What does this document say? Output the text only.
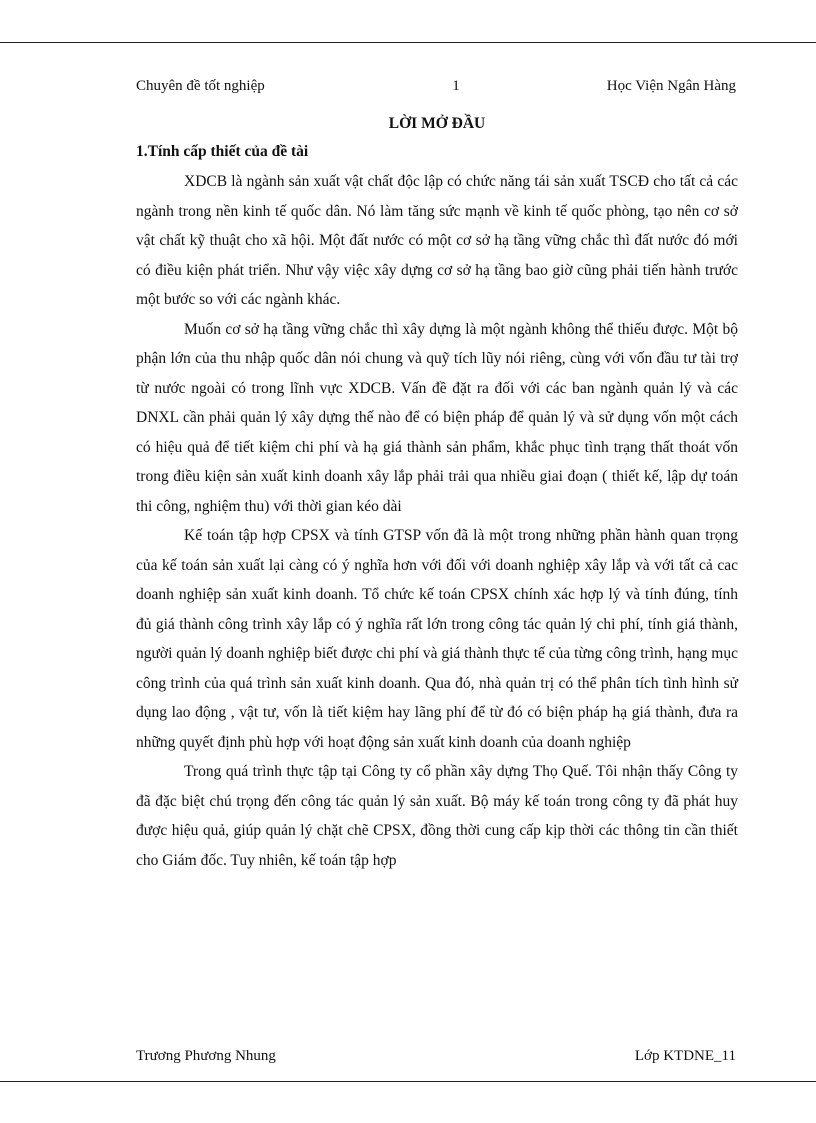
Chuyên đề tốt nghiệp	1	Học Viện Ngân Hàng

LỜI MỞ ĐẦU

1.Tính cấp thiết của đề tài

XDCB là ngành sản xuất vật chất độc lập có chức năng tái sản xuất TSCĐ cho tất cả các ngành trong nền kinh tế quốc dân. Nó làm tăng sức mạnh về kinh tế quốc phòng, tạo nên cơ sở vật chất kỹ thuật cho xã hội. Một đất nước có một cơ sở hạ tầng vững chắc thì đất nước đó mới có điều kiện phát triển. Như vậy việc xây dựng cơ sở hạ tầng bao giờ cũng phải tiến hành trước một bước so với các ngành khác.

Muốn cơ sở hạ tầng vững chắc thì xây dựng là một ngành không thể thiếu được. Một bộ phận lớn của thu nhập quốc dân nói chung và quỹ tích lũy nói riêng, cùng với vốn đầu tư tài trợ từ nước ngoài có trong lĩnh vực XDCB. Vấn đề đặt ra đối với các ban ngành quản lý và các DNXL cần phải quản lý xây dựng thế nào để có biện pháp để quản lý và sử dụng vốn một cách có hiệu quả để tiết kiệm chi phí và hạ giá thành sản phẩm, khắc phục tình trạng thất thoát vốn trong điều kiện sản xuất kinh doanh xây lắp phải trải qua nhiều giai đoạn ( thiết kế, lập dự toán thi công, nghiệm thu) với thời gian kéo dài

Kế toán tập hợp CPSX và tính GTSP vốn đã là một trong những phần hành quan trọng của kế toán sản xuất lại càng có ý nghĩa hơn với đối với doanh nghiệp xây lắp và với tất cả cac doanh nghiệp sản xuất kinh doanh. Tổ chức kế toán CPSX chính xác hợp lý và tính đúng, tính đủ giá thành công trình xây lắp có ý nghĩa rất lớn trong công tác quản lý chi phí, tính giá thành, người quản lý doanh nghiệp biết được chi phí và giá thành thực tế của từng công trình, hạng mục công trình của quá trình sản xuất kinh doanh. Qua đó, nhà quản trị có thể phân tích tình hình sử dụng lao động , vật tư, vốn là tiết kiệm hay lãng phí để từ đó có biện pháp hạ giá thành, đưa ra những quyết định phù hợp với hoạt động sản xuất kinh doanh của doanh nghiệp

Trong quá trình thực tập tại Công ty cổ phần xây dựng Thọ Quế. Tôi nhận thấy Công ty đã đặc biệt chú trọng đến công tác quản lý sản xuất. Bộ máy kế toán trong công ty đã phát huy được hiệu quả, giúp quản lý chặt chẽ CPSX, đồng thời cung cấp kịp thời các thông tin cần thiết cho Giám đốc. Tuy nhiên, kế toán tập hợp

Trương Phương Nhung	Lớp KTDNE_11
